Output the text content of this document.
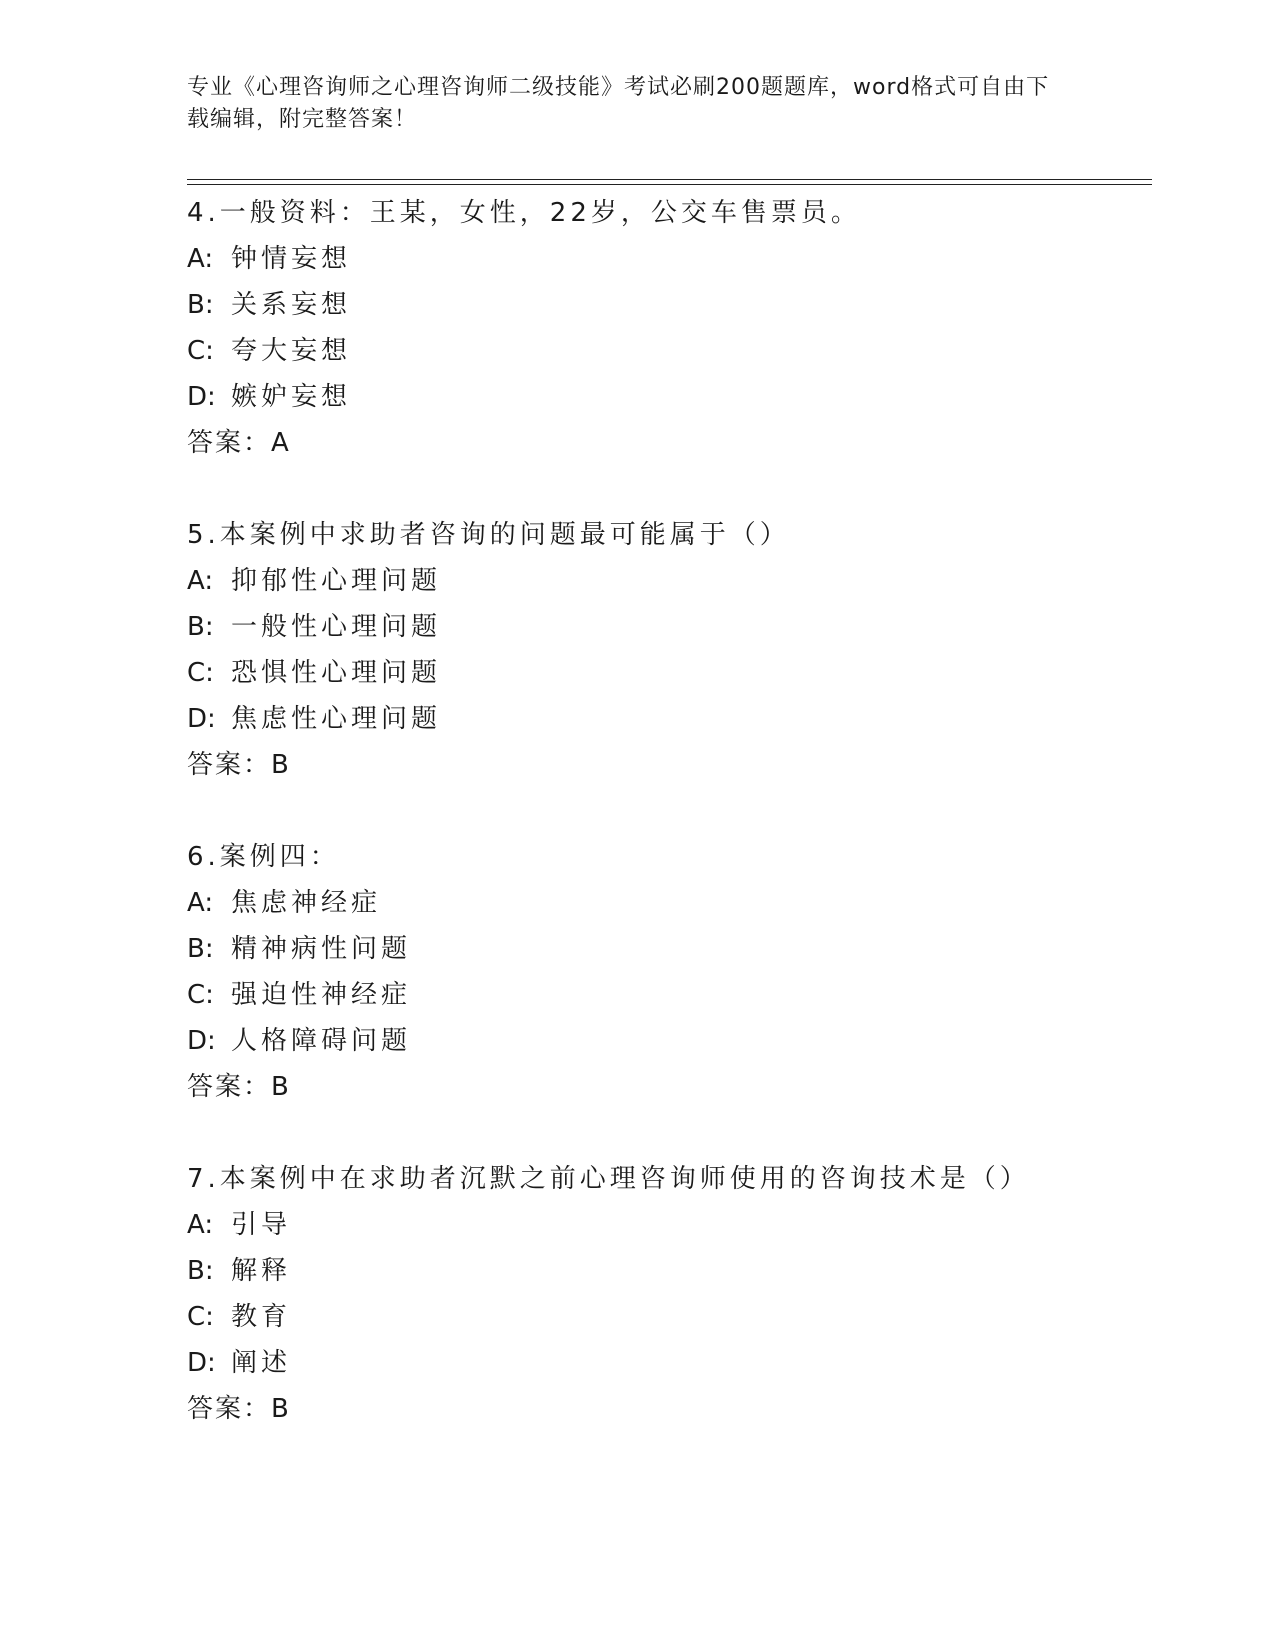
专业《心理咨询师之心理咨询师二级技能》考试必刷200题题库，word格式可自由下载编辑，附完整答案！
4.一般资料：王某，女性，22岁，公交车售票员。
A: 钟情妄想
B: 关系妄想
C: 夸大妄想
D: 嫉妒妄想
答案：A
5.本案例中求助者咨询的问题最可能属于（）
A: 抑郁性心理问题
B: 一般性心理问题
C: 恐惧性心理问题
D: 焦虑性心理问题
答案：B
6.案例四：
A: 焦虑神经症
B: 精神病性问题
C: 强迫性神经症
D: 人格障碍问题
答案：B
7.本案例中在求助者沉默之前心理咨询师使用的咨询技术是（）
A: 引导
B: 解释
C: 教育
D: 阐述
答案：B
